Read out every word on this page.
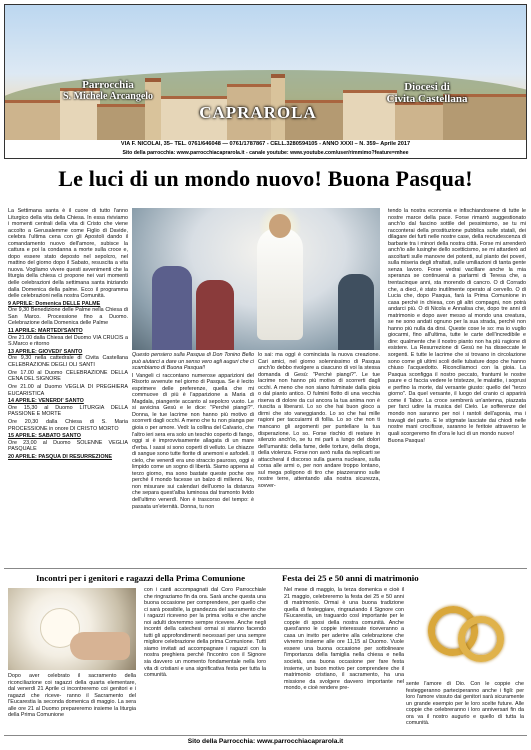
Parrocchia
S. Michele Arcangelo
CAPRAROLA
Diocesi di
Civita Castellana
VIA F. NICOLAI, 35– TEL. 0761/646048 — 0761/1787867 - CELL.3280594105 - ANNO XXXI – N. 359– Aprile 2017
Sito della parrocchia: www.parrocchiacaprarola.it - canale youtube: www.youtube.com/user/rimmimo?feature=mhee
Le luci di un mondo nuovo! Buona Pasqua!

La Settimana santa è il cuore di tutto l'anno Liturgico della vita della Chiesa. In essa riviviamo i momenti centrali della vita di Cristo che viene accolto a Gerusalemme come Figlio di Davide, celebra l'ultima cena con gli Apostoli dando il comandamento nuovo dell'amore, subisce la cattura e poi la condanna a morte sulla croce e, dopo essere stato deposto nel sepolcro, nel mattino del giorno dopo il Sabato, resuscita a vita nuova. Vogliamo vivere questi avvenimenti che la liturgia della chiesa ci propone nei vari momenti delle celebrazioni della settimana santa iniziando dalla Domenica della palme. Ecco il programma delle celebrazioni nella nostra Comunità.

9 APRILE: Domenica DELLE PALME
Ore 9,30 Benedizione delle Palme nella Chiesa di San Marco. Processione fino a Duomo. Celebrazione della Domenica delle Palme
11 APRILE: MARTEDI'SANTO
Ore 21.00 dalla Chiesa del Duomo VIA CRUCIS a S.Marco e ritorno
13 APRILE: GIOVEDI' SANTO
Ore 9,30 nella cattedrale di Civita Castellana CELEBRAZIONE DEGLI OLI SANTI
Ore 17.00 al Duomo CELEBRAZIONE DELLA CENA DEL SIGNORE
Ore 21.00 al Duomo VEGLIA DI PREGHIERA EUCARISTICA
14 APRILE: VENERDI' SANTO
Ore 15,30 al Duomo LITURGIA DELLA PASSIONE E MORTE
Ore 20,30 dalla Chiesa di S. Maria PROCESSIONE in onore DI CRISTO MORTO
15 APRILE: SABATO SANTO
Ore 23,00 al Duomo SOLENNE VEGLIA PASQUALE
20 APRILE: PASQUA DI RESURREZIONE

Questo pensiero sulla Pasqua di Don Tonino Bello può aiutarci a dare un senso vero agli auguri che ci scambiamo di Buona Pasqua!!

I Vangeli ci raccontano numerose apparizioni del Risorto avvenute nel giorno di Pasqua. Se è lecito esprimere delle preferenze, quella che mi commuove di più è l'apparizione a Maria di Magdala, piangente accanto al sepolcro vuoto. Le si avvicina Gesù e le dice: "Perché piangi?". Donna, le tue lacrime non hanno più motivo di scorrerti dagli occhi. A meno che tu non pianga per gioia o per amore. Vedi: la collina del Calvario, che l'altro ieri sera era solo un teschio coperto di fango, oggi si è improvvisamente allagata di un mare d'erba. I sassi si sono coperti di velluto. Le chiazze di sangue sono tutte fiorite di anemoni e asfodeli. Il cielo, che venerdì era uno straccio pauroso, oggi è limpido come un sogno di libertà. Siamo appena al terzo giorno, ma sono bastate queste poche ore perché il mondo facesse un balzo di millenni. No, non misurare sui calendari dell'uomo la distanza che separa quest'alba luminosa dal tramonto livido dell'ultimo venerdì. Non è trascorso del tempo: è passata un'eternità. Donna, tu non

lo sai: ma oggì è cominciata la nuova creazione. Cari amici, nel giorno solennissimo di Pasqua anch'io debbo rivolgere a ciascuno di voi la stessa domanda di Gesù: "Perché piangi?". Le tue lacrime non hanno più motivo di scorrerti dagli occhi. A meno che non siano fulminate dalla gioia o dal pianto antico. O fulmini flotto di una vecchia riserva di dolore da cui ancora la tua anima non è riuscita a liberarsi. Lo so che hai buon gioco a dirmi che sto vaneggiando. Lo so che hai mille ragioni per taccuiarmi di follia. Lo so che non ti mancano gli argomenti per puntellare la tua disperazione. Lo so. Forse rischio di restare in silenzio anch'io, se tu mi parli a lungo del dolori dell'umanità: della fame, delle torture, della droga, della violenza. Forse non avrò nulla da replicarti se attaccheral il discorso sulla guerra nucleare, sulla corsa alle armi o, per non andare troppo lontano, sul mega poligono di tiro che piazzeranno sulle nostre terre, attentando alla nostra sicurezza, sovver-

tendo la nostra economia e infischiandosene di tutte le nostre marce della pace. Forse rimarrò suggestionato anch'io dal fascino sottile del pessimismo, se tu mi racconterai della prostituzione pubblica sulle statali, dei dilagare dei furti nelle nostre case, della recrudescenza di barbarie tra i minori della nostra città. Forse mi arrenderò anch'io alle lusinghe dello scetticismo, se mi attarderò ad ascoltarti sulle manovre dei potenti, sul pianto dei poveri, sulla miseria degli sfrattati, sulle umiliazioni di tanta gente senza lavoro. Forse vedrai vacillare anche la mia speranza se continuerai a parlarmi di Teresa che, a trentacinque anni, sta morendo di cancro. O di Corrado che, a dieci, è stato inutilmente operato al cervello. O di Lucia che, dopo Pasqua, farà la Prima Comunione in casa perché in chiesa, con gli altri compagni, non potrà andarci più. O di Nicola e Annalisa che, dopo tre anni di matrimonio e dopo aver messo al mondo una creatura, se ne sono andati ognuno per la sua strada, perché non hanno più nulla da dirsi. Queste cose le so: ma io vuglio giocarmi, fino all'ultima, tutte le carte dell'incredibile e dire: qualmente che il nostro pianto non ha più ragione di esistere. La Resurrezione di Gesù ne ha disseccate le sorgenti. E tutte le lacrime che si trovano in circolazione sono come gli ultimi scoli delle tubature dopo che hanno chiuso l'acquedotto. Riconciliamoci con la gioia. La Pasqua sconfigga il nostro peccato, frantumi le nostre paure e ci faccia vedere le tristezze, le malattie, i soprusi e perfino la morte, dal versante giusto: quello del "terzo giorno". Da quel versante, il luogo del cranio ci apparirà come il Tabor. La croce sembrerà un'antenna, piazzata per farci udire la musica del Cielo. Le sofferenze del mondo non saranno per noi i rantoli dell'agonia, ma i travagli del parto. E le stigmate lasciate dai chiodi nelle nostre mani crocifisse, saranno le feritoie attraverso le quali scorgeremo fin d'ora le luci di un mondo nuovo!

Buona Pasqua!

Incontri per i genitori e ragazzi della Prima Comunione
Dopo aver celebrato il sacramento della riconciliazione coi ragazzi della quarta elementare, dal venerdì 21 Aprile ci incontreremo coi genitori e i ragazzi che riceve- ranno il Sacramento del l'Eucarestia la seconda domenica di maggio. La sera alle ore 21 al Duomo prepareremo insieme la liturgia della Prima Comunione
con i canti accompagnati dal Coro Parrocchiale che ringraziamo fin da ora. Sarà anche questa una buona occasione per comprendere, per quello che ci sarà possibile, la grandezza del sacramento che i ragazzi riceveno per la prima volta e che anche noi adulti dovremmo sempre ricevere. Anche negli incontri della catechesi ormai si stanno facendo tutti gli approfondimenti necessari per una sempre migliore celebrazione della prima Comunione. Tutti siamo invitati ad accompagnare i ragazzi con la nostra preghiera perché l'incontro con il Signore sia davvero un momento fondamentale nella loro vita di cristiani e una significativa festa per tutta la comunità.
Festa dei 25 e 50 anni di matrimonio
Nel mese di maggio, la terza domenica e cioè il 21 maggio, celebreremo la festa dei 25 e 50 anni di matrimonio. Ormai è una buona tradizione quella di festeggiare, ringraziando il Signore con l'Eucarestia, un traguardo così importante per le coppie di sposi della nostra comunità. Anche quest'anno le coppie interessate riceveranno a casa un invito per aderire alla celebrazione che vivremo insieme alle ore 11,15 al Duomo. Vuole essere una buona occasione per sottolineare l'importanza della famiglia nella chiesa e nella società, una buona occasione per fare festa insieme, un buon motivo per comprendere che il matrimonio cristiano, il sacramento, ha una missione da svolgere davvero importante nel mondo, e cioè rendere pre-
sente l'amore di Dio. Con le coppie che festeggeranno parteciperanno anche i figli: per loro l'amore vissuto dai genitori sarà sicuramente un grande esempio per le loro scelte future. Alle coppie che celebreranno i loro anniversari fin da ora va il nostro augurio e quello di tutta la comunità.
Sito della Parrocchia: www.parrocchiacaprarola.it
